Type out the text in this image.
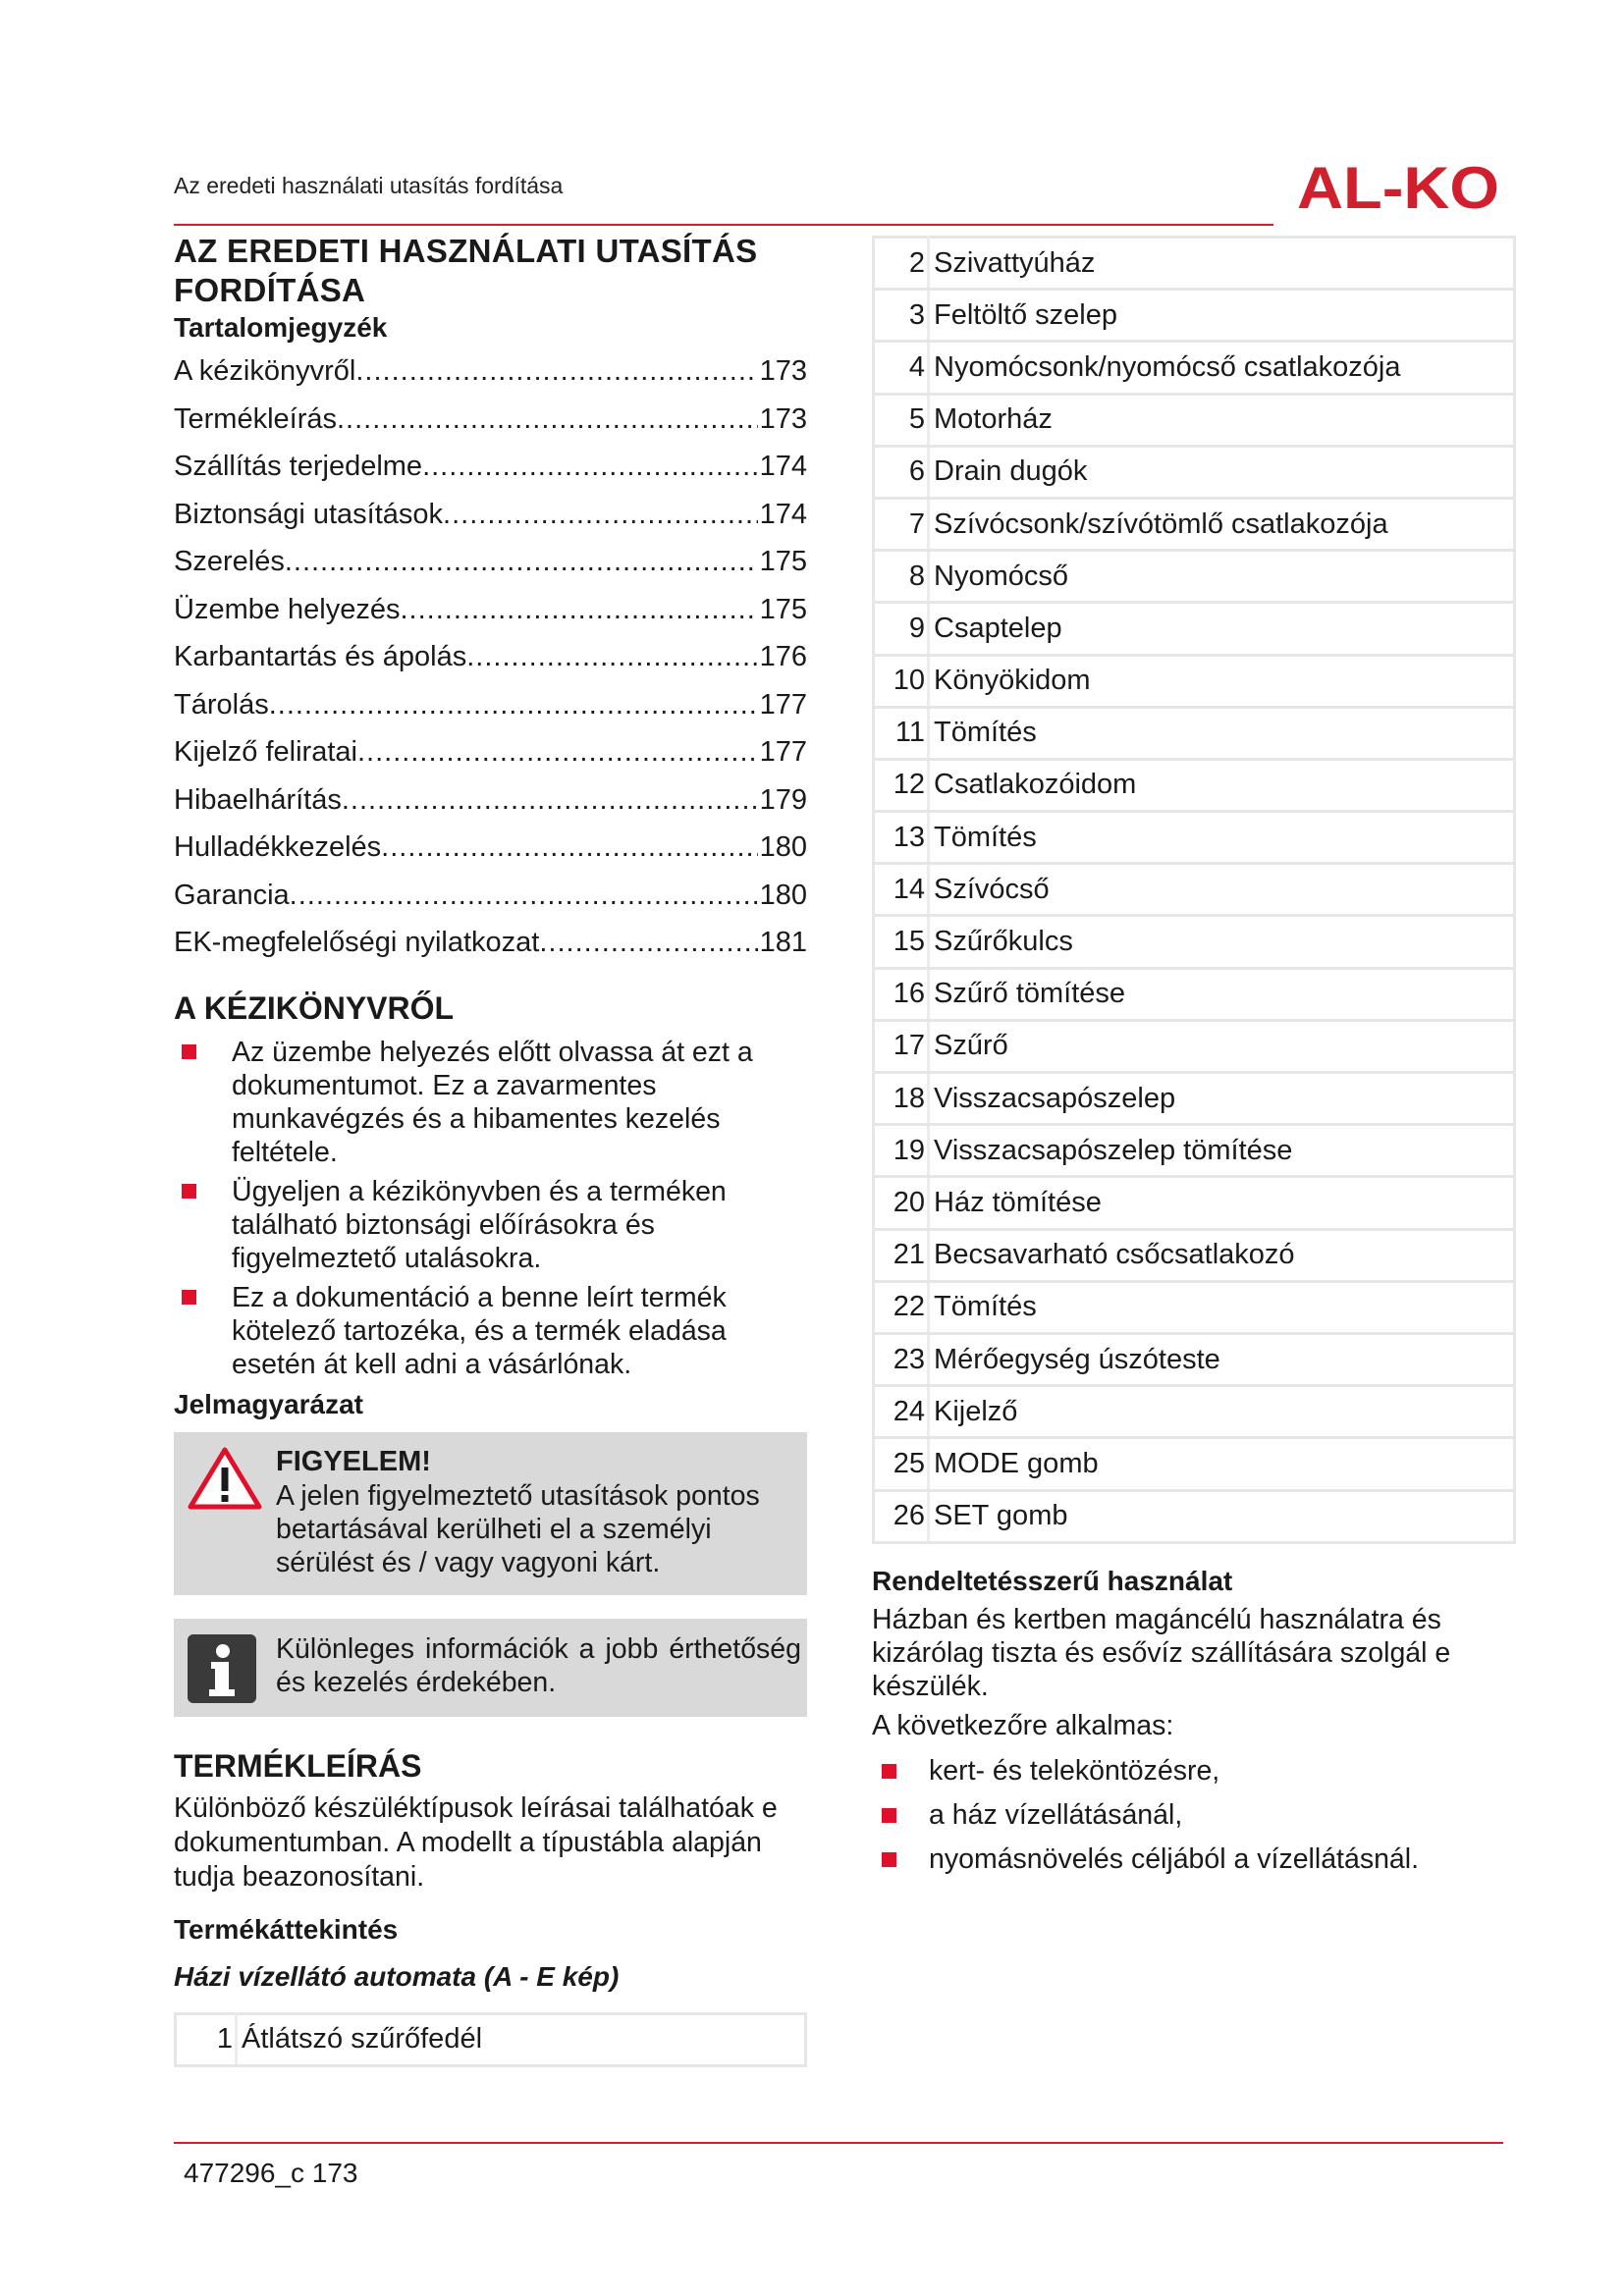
Az eredeti használati utasítás fordítása	AL-KO
AZ EREDETI HASZNÁLATI UTASÍTÁS
FORDÍTÁSA
Tartalomjegyzék
A kézikönyvről .....	173
Termékleírás .....	173
Szállítás terjedelme .....	174
Biztonsági utasítások .....	174
Szerelés .....	175
Üzembe helyezés .....	175
Karbantartás és ápolás .....	176
Tárolás .....	177
Kijelző feliratai .....	177
Hibaelhárítás .....	179
Hulladékkezelés .....	180
Garancia .....	180
EK-megfelelőségi nyilatkozat .....	181
A KÉZIKÖNYVRŐL
Az üzembe helyezés előtt olvassa át ezt a dokumentumot. Ez a zavarmentes munkavégzés és a hibamentes kezelés feltétele.
Ügyeljen a kézikönyvben és a terméken található biztonsági előírásokra és figyelmeztető utalásokra.
Ez a dokumentáció a benne leírt termék kötelező tartozéka, és a termék eladása esetén át kell adni a vásárlónak.
Jelmagyarázat
FIGYELEM!
A jelen figyelmeztető utasítások pontos betartásával kerülheti el a személyi sérülést és / vagy vagyoni kárt.
Különleges információk a jobb érthetőség és kezelés érdekében.
TERMÉKLEÍRÁS

Különböző készüléktípusok leírásai találhatóak e dokumentumban. A modellt a típustábla alapján tudja beazonosítani.

Termékáttekintés
Házi vízellátó automata (A - E kép)
1	Átlátszó szűrőfedél
2	Szivattyúház
3	Feltöltő szelep
4	Nyomócsonk/nyomócső csatlakozója
5	Motorház
6	Drain dugók
7	Szívócsonk/szívótömlő csatlakozója
8	Nyomócső
9	Csaptelep
10	Könyökidom
11	Tömítés
12	Csatlakozóidom
13	Tömítés
14	Szívócső
15	Szűrőkulcs
16	Szűrő tömítése
17	Szűrő
18	Visszacsapószelep
19	Visszacsapószelep tömítése
20	Ház tömítése
21	Becsavarható csőcsatlakozó
22	Tömítés
23	Mérőegység úszóteste
24	Kijelző
25	MODE gomb
26	SET gomb
Rendeltetésszerű használat

Házban és kertben magáncélú használatra és kizárólag tiszta és esővíz szállítására szolgál e készülék.

A következőre alkalmas:

kert- és teleköntözésre,
a ház vízellátásánál,
nyomásnövelés céljából a vízellátásnál.
477296_c 173
